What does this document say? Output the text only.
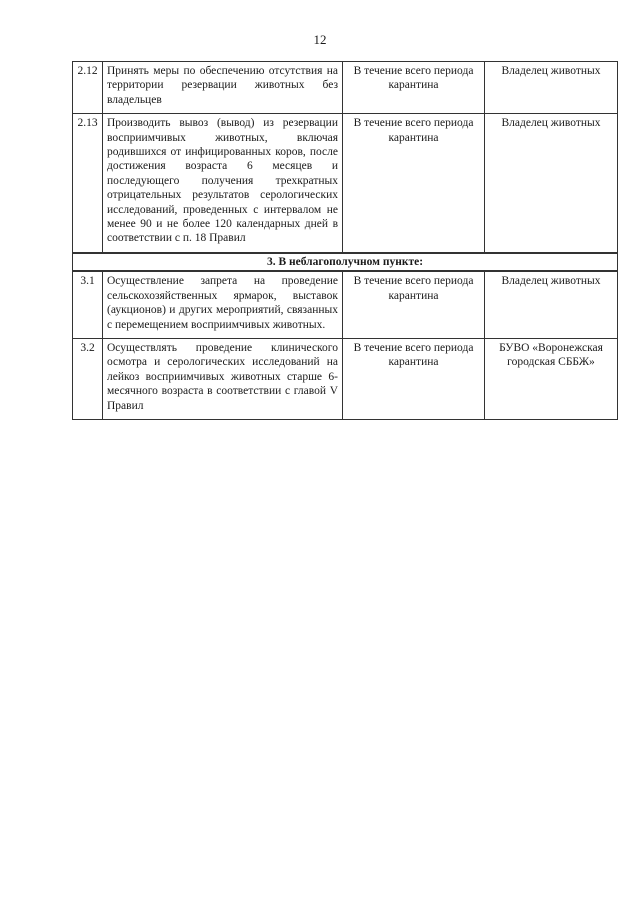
12
2.12	Принять меры по обеспечению отсутствия на территории резервации животных без владельцев	В течение всего периода карантина	Владелец животных
2.13	Производить вывоз (вывод) из резервации восприимчивых животных, включая родившихся от инфицированных коров, после достижения возраста 6 месяцев и последующего получения трехкратных отрицательных результатов серологических исследований, проведенных с интервалом не менее 90 и не более 120 календарных дней в соответствии с п. 18 Правил	В течение всего периода карантина	Владелец животных
3. В неблагополучном пункте:			
3.1	Осуществление запрета на проведение сельскохозяйственных ярмарок, выставок (аукционов) и других мероприятий, связанных с перемещением восприимчивых животных.	В течение всего периода карантина	Владелец животных
3.2	Осуществлять проведение клинического осмотра и серологических исследований на лейкоз восприимчивых животных старше 6-месячного возраста в соответствии с главой V Правил	В течение всего периода карантина	БУВО «Воронежская городская СББЖ»
